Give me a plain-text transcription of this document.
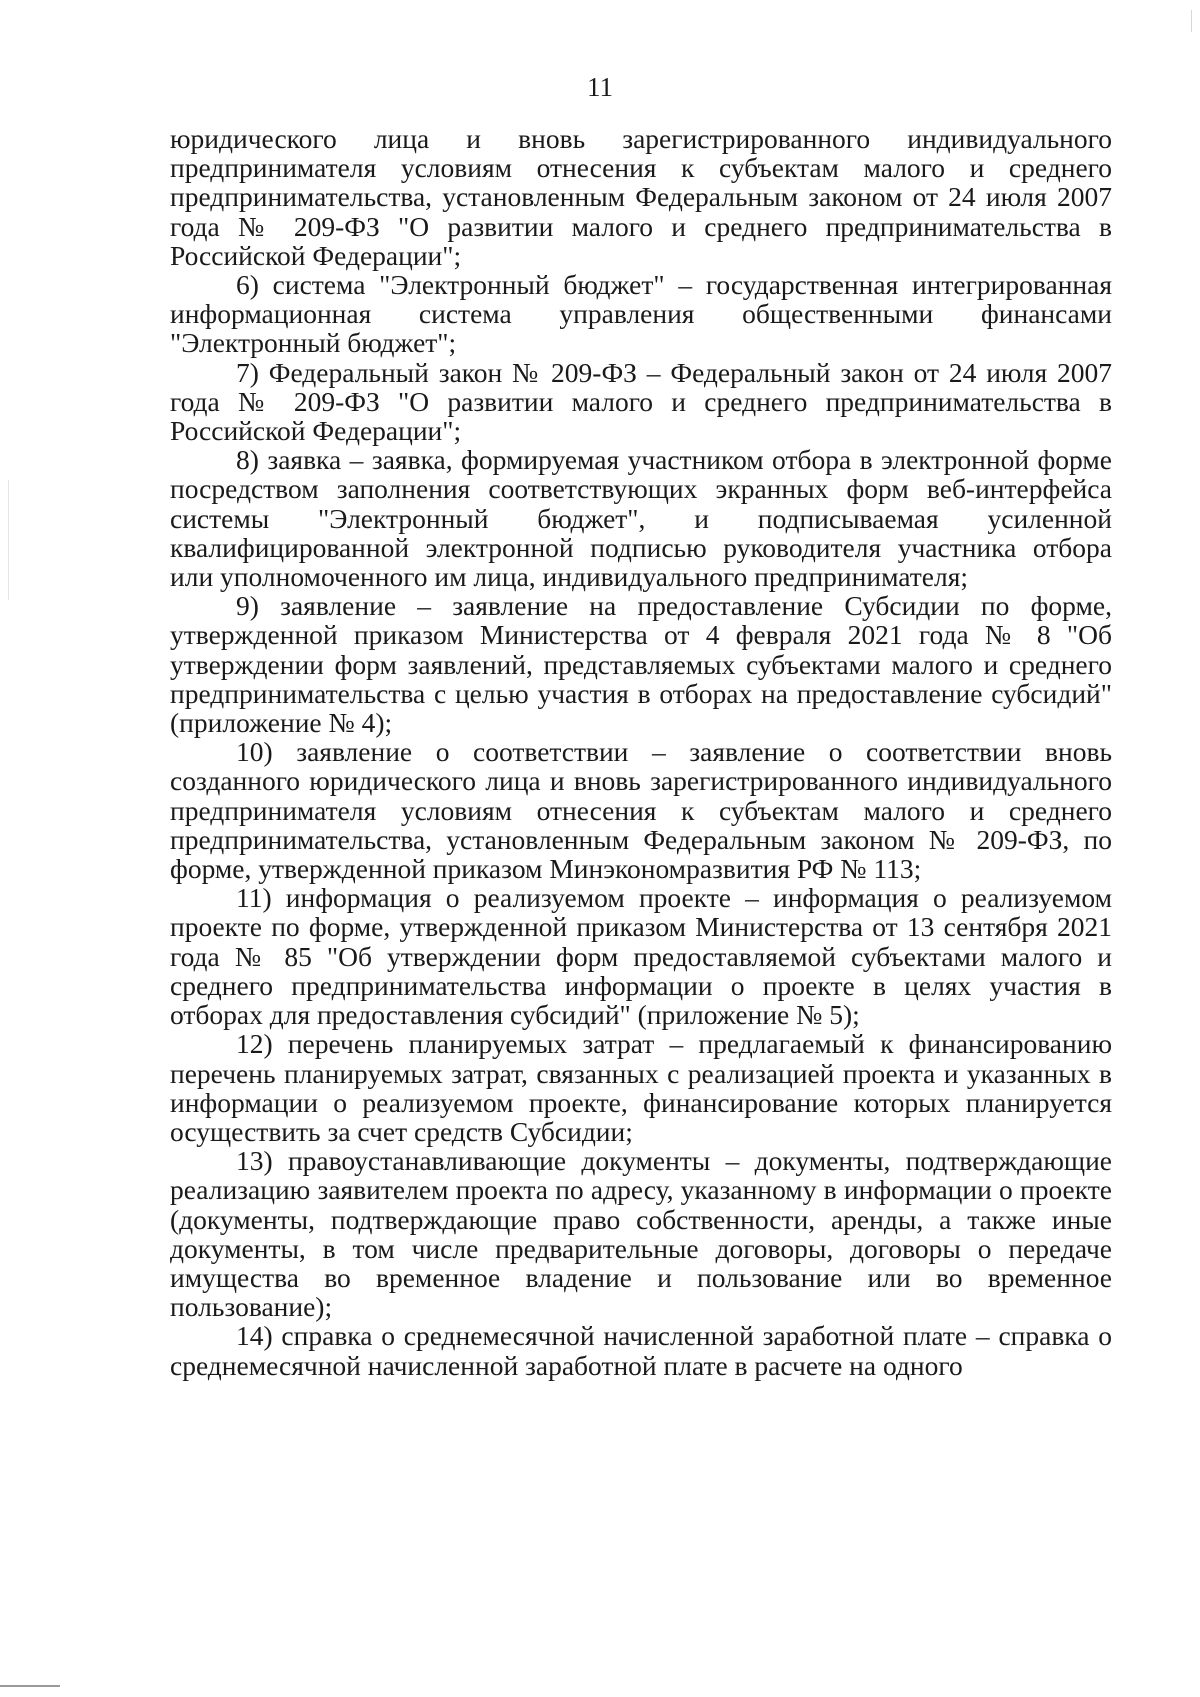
11

юридического лица и вновь зарегистрированного индивидуального предпринимателя условиям отнесения к субъектам малого и среднего предпринимательства, установленным Федеральным законом от 24 июля 2007 года № 209-ФЗ "О развитии малого и среднего предпринимательства в Российской Федерации";

6) система "Электронный бюджет" – государственная интегрированная информационная система управления общественными финансами "Электронный бюджет";

7) Федеральный закон № 209-ФЗ – Федеральный закон от 24 июля 2007 года № 209-ФЗ "О развитии малого и среднего предпринимательства в Российской Федерации";

8) заявка – заявка, формируемая участником отбора в электронной форме посредством заполнения соответствующих экранных форм веб-интерфейса системы "Электронный бюджет", и подписываемая усиленной квалифицированной электронной подписью руководителя участника отбора или уполномоченного им лица, индивидуального предпринимателя;

9) заявление – заявление на предоставление Субсидии по форме, утвержденной приказом Министерства от 4 февраля 2021 года № 8 "Об утверждении форм заявлений, представляемых субъектами малого и среднего предпринимательства с целью участия в отборах на предоставление субсидий" (приложение № 4);

10) заявление о соответствии – заявление о соответствии вновь созданного юридического лица и вновь зарегистрированного индивидуального предпринимателя условиям отнесения к субъектам малого и среднего предпринимательства, установленным Федеральным законом № 209-ФЗ, по форме, утвержденной приказом Минэкономразвития РФ № 113;

11) информация о реализуемом проекте – информация о реализуемом проекте по форме, утвержденной приказом Министерства от 13 сентября 2021 года № 85 "Об утверждении форм предоставляемой субъектами малого и среднего предпринимательства информации о проекте в целях участия в отборах для предоставления субсидий" (приложение № 5);

12) перечень планируемых затрат – предлагаемый к финансированию перечень планируемых затрат, связанных с реализацией проекта и указанных в информации о реализуемом проекте, финансирование которых планируется осуществить за счет средств Субсидии;

13) правоустанавливающие документы – документы, подтверждающие реализацию заявителем проекта по адресу, указанному в информации о проекте (документы, подтверждающие право собственности, аренды, а также иные документы, в том числе предварительные договоры, договоры о передаче имущества во временное владение и пользование или во временное пользование);

14) справка о среднемесячной начисленной заработной плате – справка о среднемесячной начисленной заработной плате в расчете на одного
